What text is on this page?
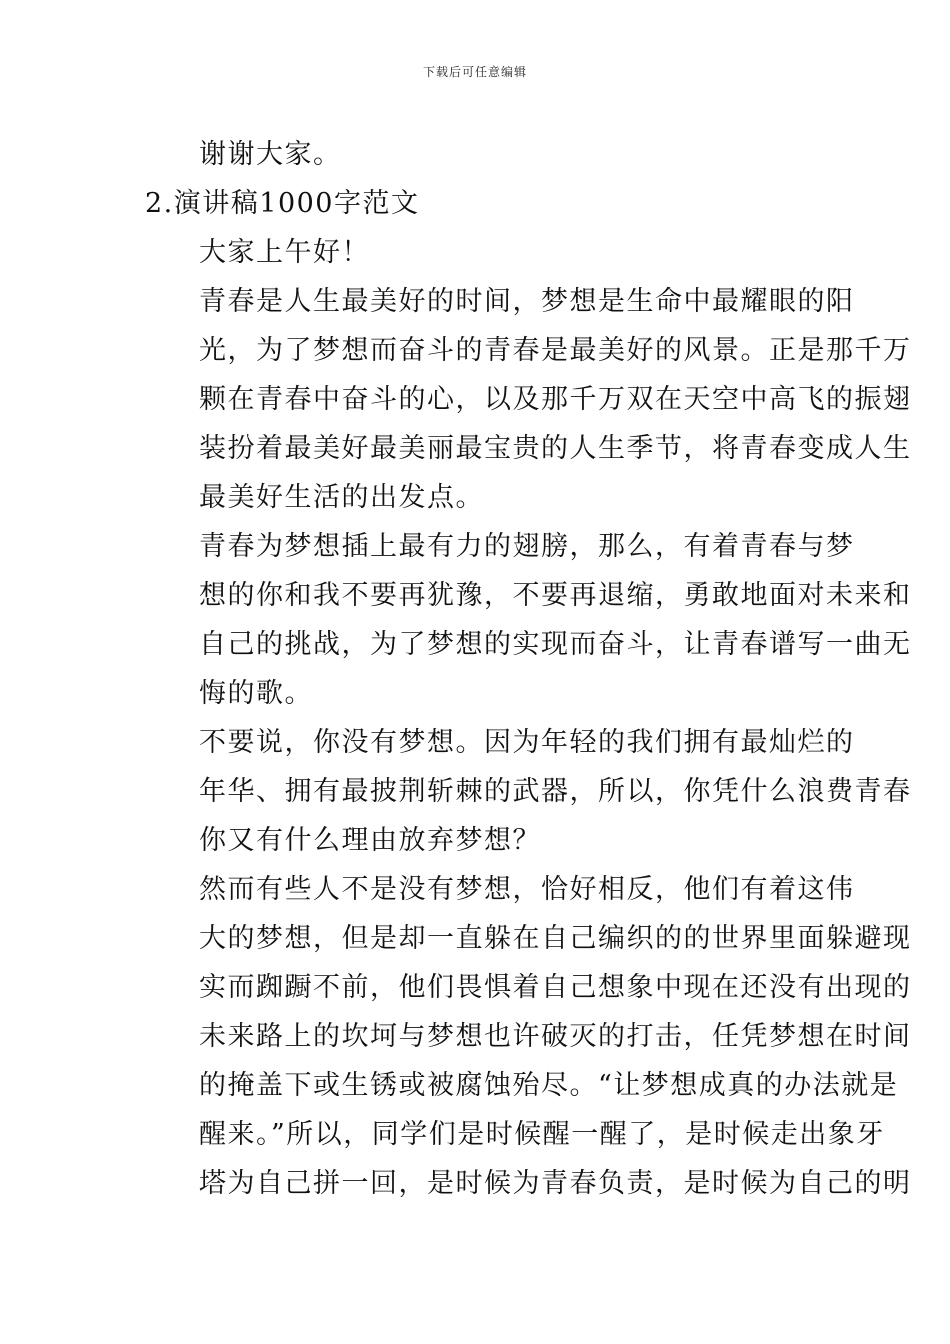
下载后可任意编辑

谢谢大家。

2.演讲稿1000字范文

大家上午好！

青春是人生最美好的时间，梦想是生命中最耀眼的阳
光，为了梦想而奋斗的青春是最美好的风景。正是那千万
颗在青春中奋斗的心，以及那千万双在天空中高飞的振翅
装扮着最美好最美丽最宝贵的人生季节，将青春变成人生
最美好生活的出发点。

青春为梦想插上最有力的翅膀，那么，有着青春与梦
想的你和我不要再犹豫，不要再退缩，勇敢地面对未来和
自己的挑战，为了梦想的实现而奋斗，让青春谱写一曲无
悔的歌。

不要说，你没有梦想。因为年轻的我们拥有最灿烂的
年华、拥有最披荆斩棘的武器，所以，你凭什么浪费青春
你又有什么理由放弃梦想？

然而有些人不是没有梦想，恰好相反，他们有着这伟
大的梦想，但是却一直躲在自己编织的的世界里面躲避现
实而踟蹰不前，他们畏惧着自己想象中现在还没有出现的
未来路上的坎坷与梦想也许破灭的打击，任凭梦想在时间
的掩盖下或生锈或被腐蚀殆尽。“让梦想成真的办法就是
醒来。”所以，同学们是时候醒一醒了，是时候走出象牙
塔为自己拼一回，是时候为青春负责，是时候为自己的明
